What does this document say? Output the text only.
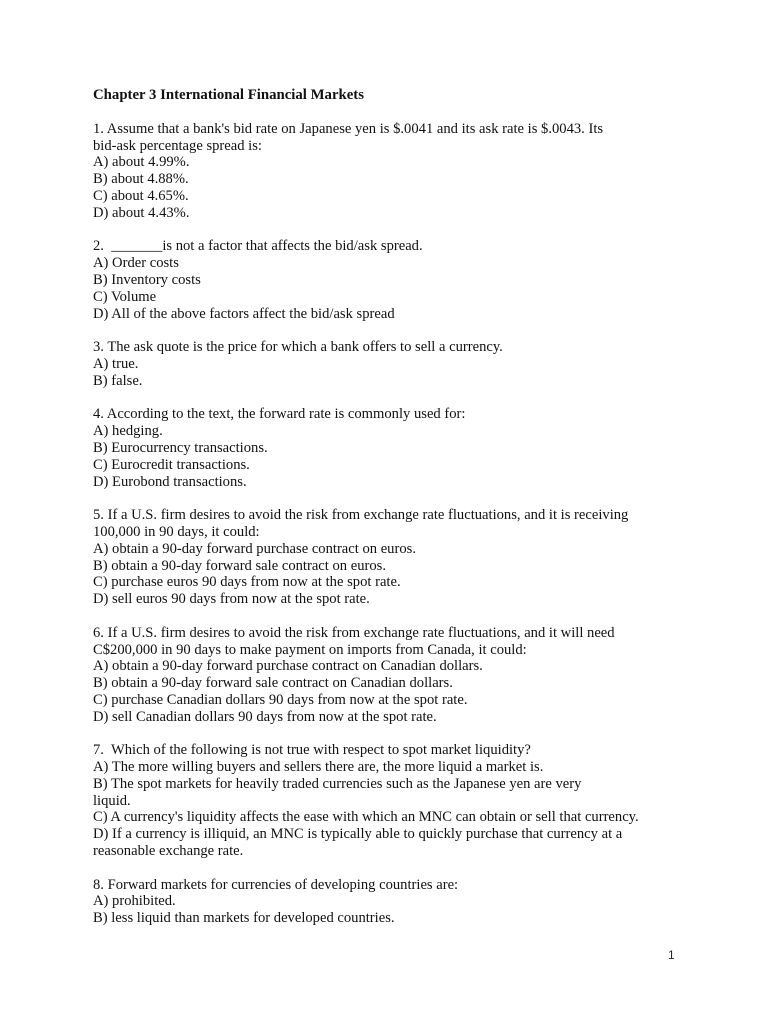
Chapter 3 International Financial Markets
1. Assume that a bank's bid rate on Japanese yen is $.0041 and its ask rate is $.0043. Its
bid-ask percentage spread is:
A) about 4.99%.
B) about 4.88%.
C) about 4.65%.
D) about 4.43%.
2.  _______is not a factor that affects the bid/ask spread.
A) Order costs
B) Inventory costs
C) Volume
D) All of the above factors affect the bid/ask spread
3. The ask quote is the price for which a bank offers to sell a currency.
A) true.
B) false.
4. According to the text, the forward rate is commonly used for:
A) hedging.
B) Eurocurrency transactions.
C) Eurocredit transactions.
D) Eurobond transactions.
5. If a U.S. firm desires to avoid the risk from exchange rate fluctuations, and it is receiving
100,000 in 90 days, it could:
A) obtain a 90-day forward purchase contract on euros.
B) obtain a 90-day forward sale contract on euros.
C) purchase euros 90 days from now at the spot rate.
D) sell euros 90 days from now at the spot rate.
6. If a U.S. firm desires to avoid the risk from exchange rate fluctuations, and it will need
C$200,000 in 90 days to make payment on imports from Canada, it could:
A) obtain a 90-day forward purchase contract on Canadian dollars.
B) obtain a 90-day forward sale contract on Canadian dollars.
C) purchase Canadian dollars 90 days from now at the spot rate.
D) sell Canadian dollars 90 days from now at the spot rate.
7.  Which of the following is not true with respect to spot market liquidity?
A) The more willing buyers and sellers there are, the more liquid a market is.
B) The spot markets for heavily traded currencies such as the Japanese yen are very
liquid.
C) A currency's liquidity affects the ease with which an MNC can obtain or sell that currency.
D) If a currency is illiquid, an MNC is typically able to quickly purchase that currency at a
reasonable exchange rate.
8. Forward markets for currencies of developing countries are:
A) prohibited.
B) less liquid than markets for developed countries.
1
